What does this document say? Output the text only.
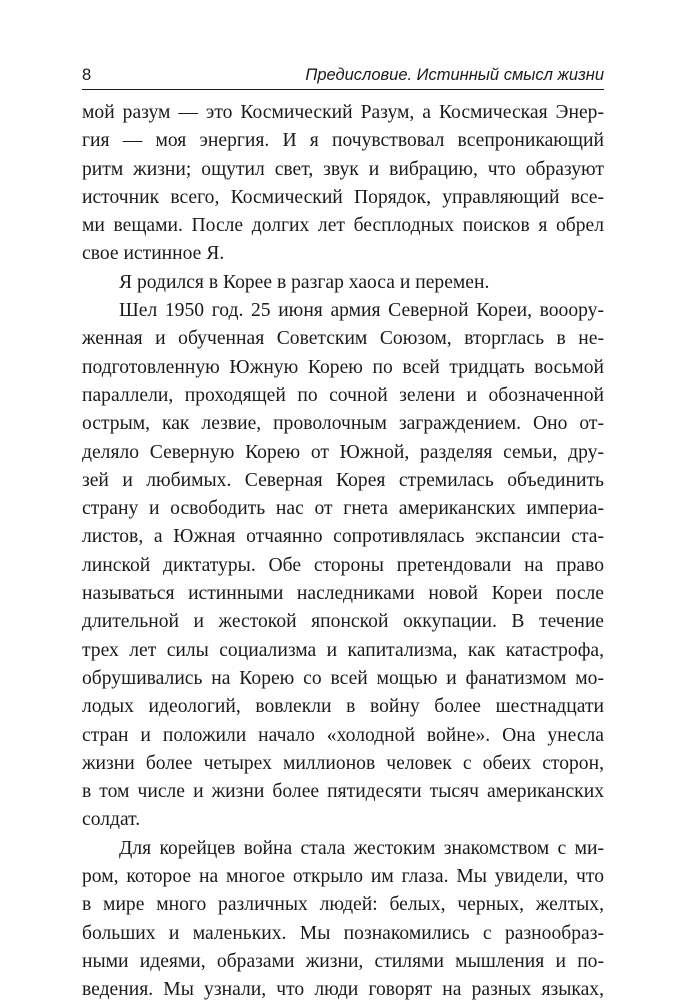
8	Предисловие. Истинный смысл жизни
мой разум — это Космический Разум, а Космическая Энер-
гия — моя энергия. И я почувствовал всепроникающий
ритм жизни; ощутил свет, звук и вибрацию, что образуют
источник всего, Космический Порядок, управляющий все-
ми вещами. После долгих лет бесплодных поисков я обрел
свое истинное Я.
Я родился в Корее в разгар хаоса и перемен.
Шел 1950 год. 25 июня армия Северной Кореи, вооору-
женная и обученная Советским Союзом, вторглась в не-
подготовленную Южную Корею по всей тридцать восьмой
параллели, проходящей по сочной зелени и обозначенной
острым, как лезвие, проволочным заграждением. Оно от-
деляло Северную Корею от Южной, разделяя семьи, дру-
зей и любимых. Северная Корея стремилась объединить
страну и освободить нас от гнета американских империа-
листов, а Южная отчаянно сопротивлялась экспансии ста-
линской диктатуры. Обе стороны претендовали на право
называться истинными наследниками новой Кореи после
длительной и жестокой японской оккупации. В течение
трех лет силы социализма и капитализма, как катастрофа,
обрушивались на Корею со всей мощью и фанатизмом мо-
лодых идеологий, вовлекли в войну более шестнадцати
стран и положили начало «холодной войне». Она унесла
жизни более четырех миллионов человек с обеих сторон,
в том числе и жизни более пятидесяти тысяч американских
солдат.
Для корейцев война стала жестоким знакомством с ми-
ром, которое на многое открыло им глаза. Мы увидели, что
в мире много различных людей: белых, черных, желтых,
больших и маленьких. Мы познакомились с разнообраз-
ными идеями, образами жизни, стилями мышления и по-
ведения. Мы узнали, что люди говорят на разных языках,
